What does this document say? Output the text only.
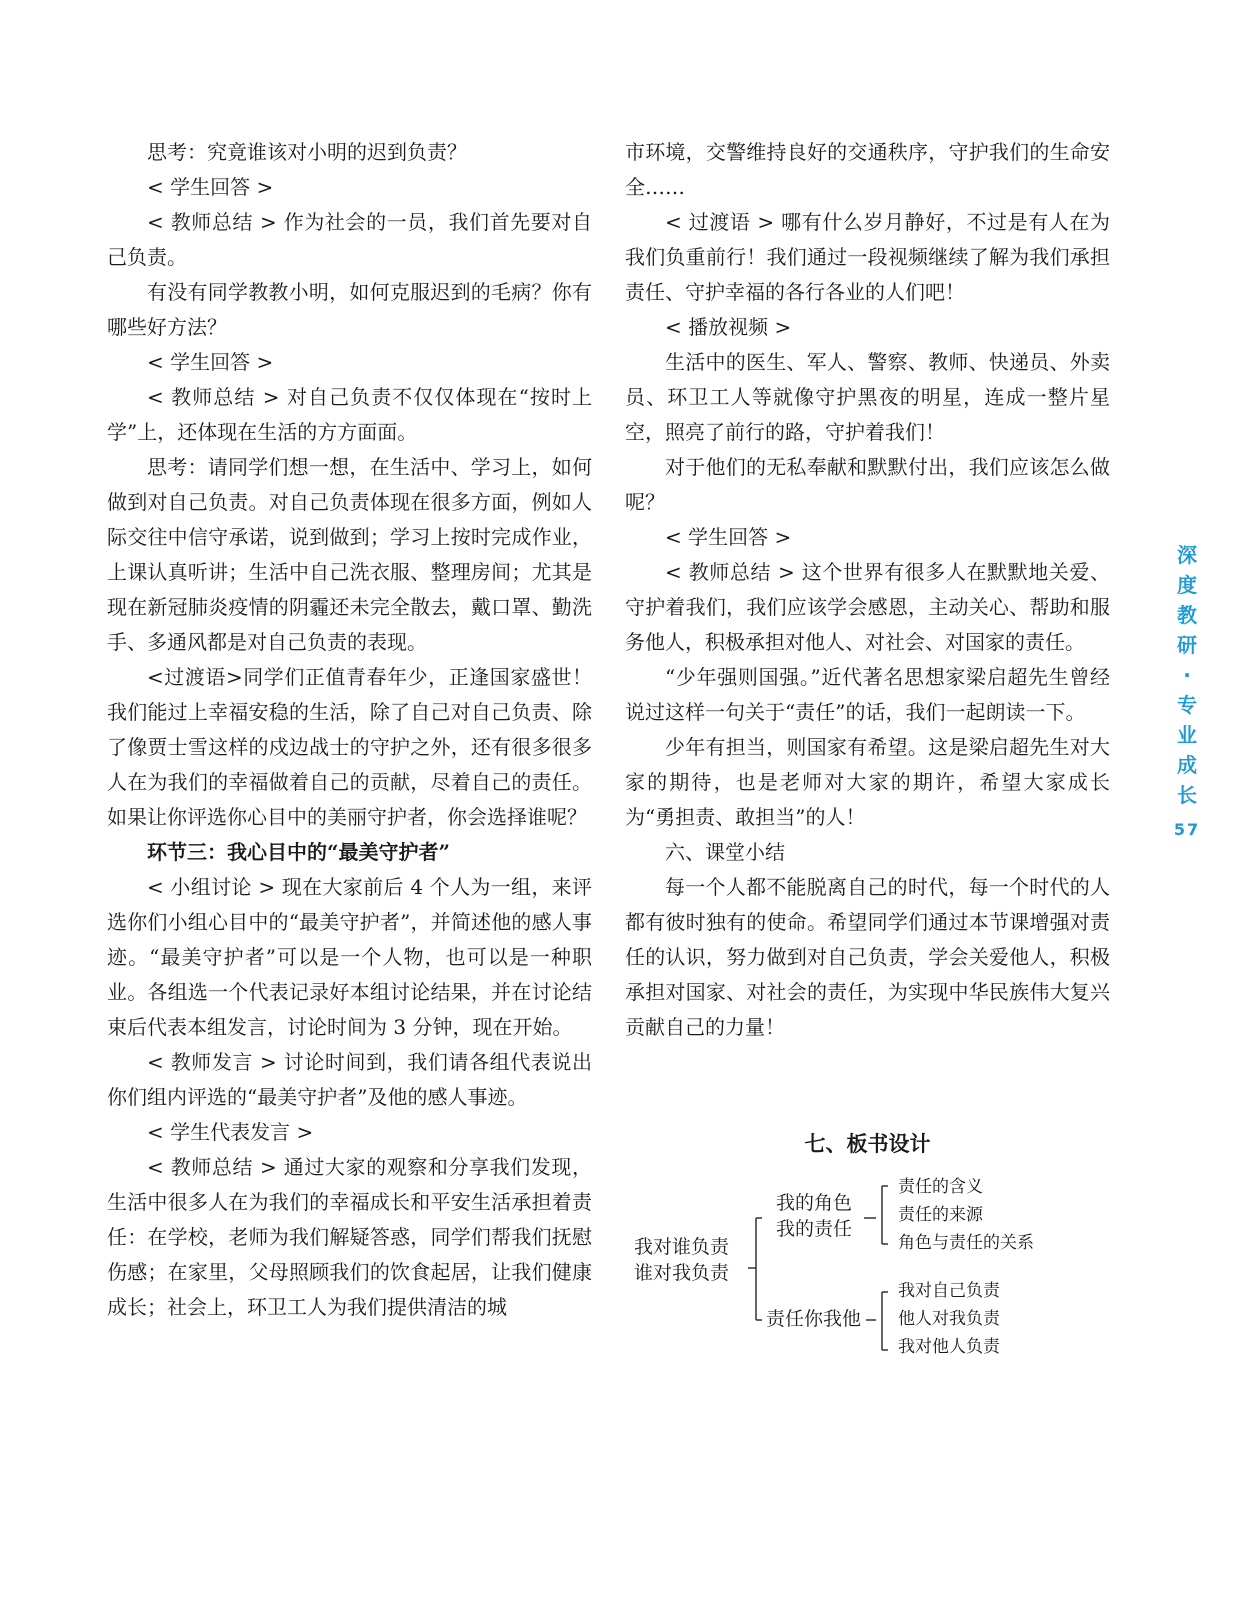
思考：究竟谁该对小明的迟到负责？

< 学生回答 >

< 教师总结 > 作为社会的一员，我们首先要对自己负责。

有没有同学教教小明，如何克服迟到的毛病？你有哪些好方法？

< 学生回答 >

< 教师总结 > 对自己负责不仅仅体现在“按时上学”上，还体现在生活的方方面面。

思考：请同学们想一想，在生活中、学习上，如何做到对自己负责。对自己负责体现在很多方面，例如人际交往中信守承诺，说到做到；学习上按时完成作业，上课认真听讲；生活中自己洗衣服、整理房间；尤其是现在新冠肺炎疫情的阴霾还未完全散去，戴口罩、勤洗手、多通风都是对自己负责的表现。

<过渡语>同学们正值青春年少，正逢国家盛世！我们能过上幸福安稳的生活，除了自己对自己负责、除了像贾士雪这样的戍边战士的守护之外，还有很多很多人在为我们的幸福做着自己的贡献，尽着自己的责任。如果让你评选你心目中的美丽守护者，你会选择谁呢？

环节三：我心目中的“最美守护者”

< 小组讨论 > 现在大家前后 4 个人为一组，来评选你们小组心目中的“最美守护者”，并简述他的感人事迹。“最美守护者”可以是一个人物，也可以是一种职业。各组选一个代表记录好本组讨论结果，并在讨论结束后代表本组发言，讨论时间为 3 分钟，现在开始。

< 教师发言 > 讨论时间到，我们请各组代表说出你们组内评选的“最美守护者”及他的感人事迹。

< 学生代表发言 >

< 教师总结 > 通过大家的观察和分享我们发现，生活中很多人在为我们的幸福成长和平安生活承担着责任：在学校，老师为我们解疑答惑，同学们帮我们抚慰伤感；在家里，父母照顾我们的饮食起居，让我们健康成长；社会上，环卫工人为我们提供清洁的城

市环境，交警维持良好的交通秩序，守护我们的生命安全……

< 过渡语 > 哪有什么岁月静好，不过是有人在为我们负重前行！我们通过一段视频继续了解为我们承担责任、守护幸福的各行各业的人们吧！

< 播放视频 >

生活中的医生、军人、警察、教师、快递员、外卖员、环卫工人等就像守护黑夜的明星，连成一整片星空，照亮了前行的路，守护着我们！

对于他们的无私奉献和默默付出，我们应该怎么做呢？

< 学生回答 >

< 教师总结 > 这个世界有很多人在默默地关爱、守护着我们，我们应该学会感恩，主动关心、帮助和服务他人，积极承担对他人、对社会、对国家的责任。

“少年强则国强。”近代著名思想家梁启超先生曾经说过这样一句关于“责任”的话，我们一起朗读一下。

少年有担当，则国家有希望。这是梁启超先生对大家的期待，也是老师对大家的期许，希望大家成长为“勇担责、敢担当”的人！

六、课堂小结

每一个人都不能脱离自己的时代，每一个时代的人都有彼时独有的使命。希望同学们通过本节课增强对责任的认识，努力做到对自己负责，学会关爱他人，积极承担对国家、对社会的责任，为实现中华民族伟大复兴贡献自己的力量！

七、板书设计
我对谁负责
谁对我负责
我的角色
我的责任
责任的含义
责任的来源
角色与责任的关系
责任你我他
我对自己负责
他人对我负责
我对他人负责
深
度
教
研
·
专
业
成
长
57
